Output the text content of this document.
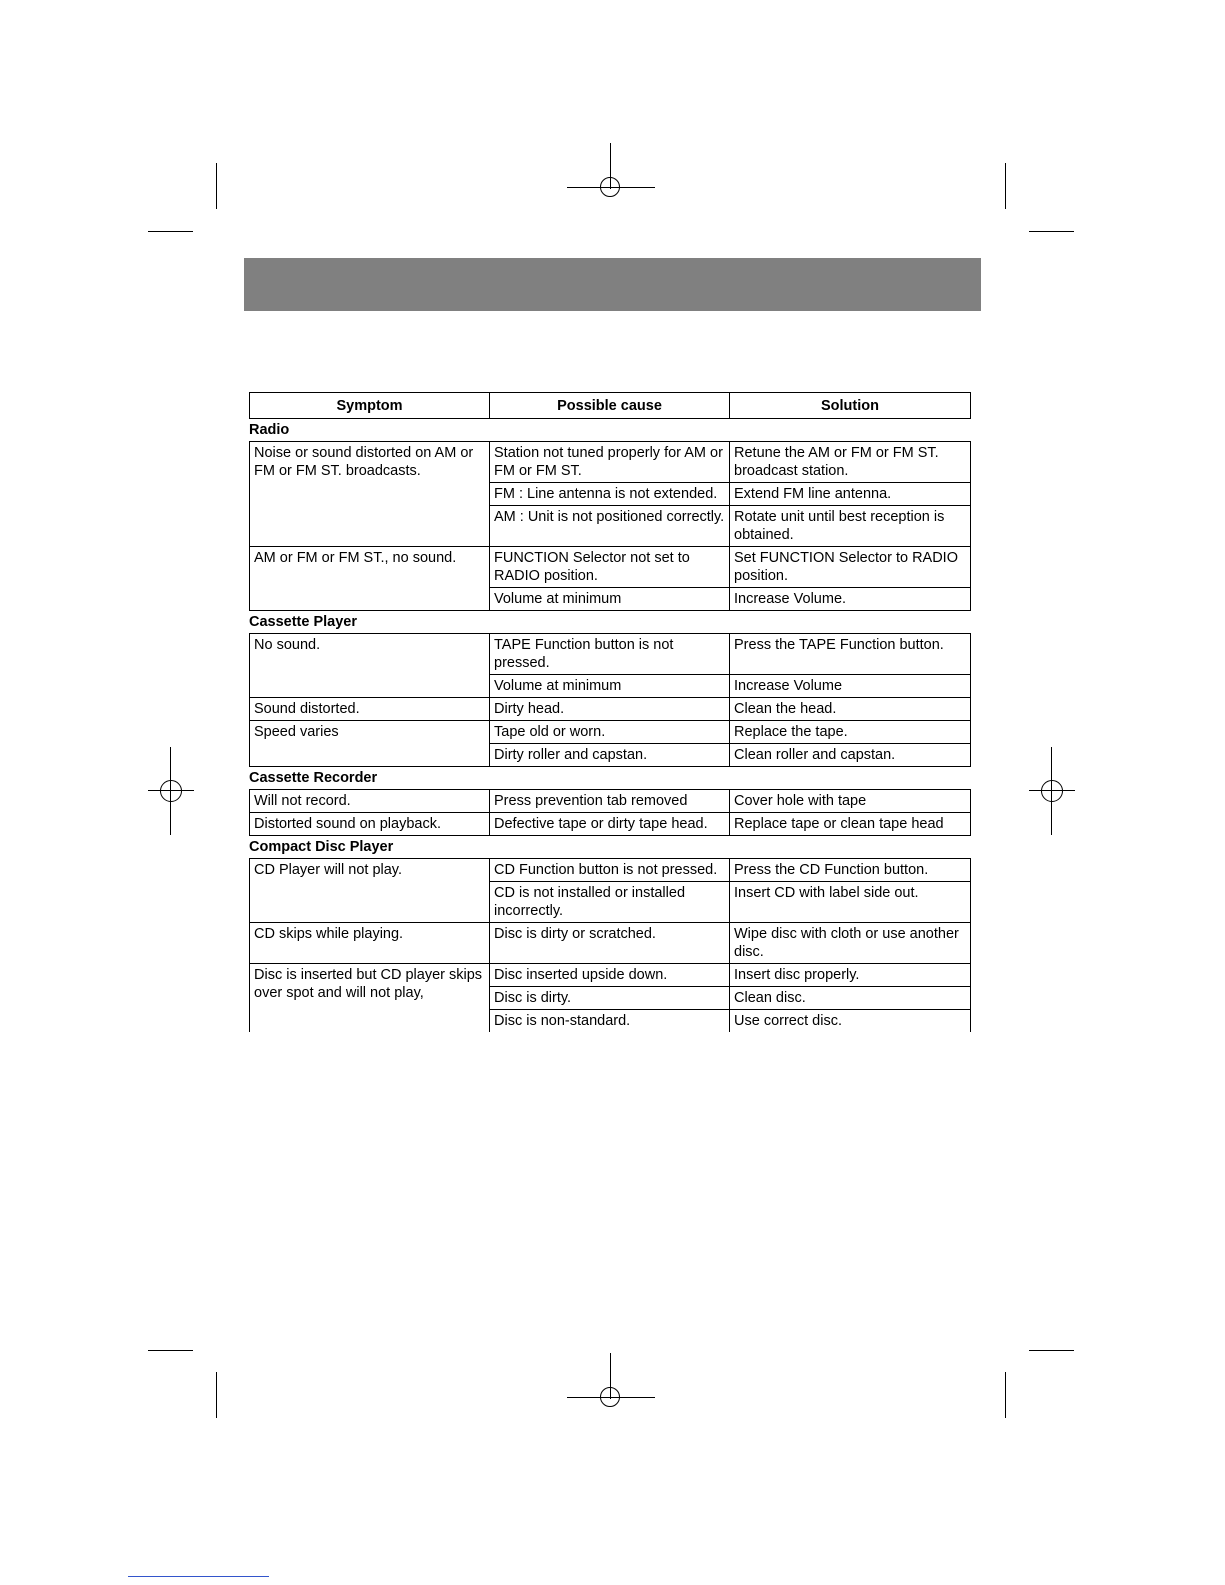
Symptom	Possible cause	Solution
Radio
Noise or sound distorted on AM or FM or FM ST. broadcasts.	Station not tuned properly for AM or FM or FM ST.	Retune the AM or FM or FM ST. broadcast station.
	FM : Line antenna is not extended.	Extend FM line antenna.
	AM : Unit is not positioned correctly.	Rotate unit until best reception is obtained.
AM or FM or FM ST., no sound.	FUNCTION Selector not set to RADIO position.	Set FUNCTION Selector to RADIO position.
	Volume at minimum	Increase Volume.
Cassette Player
No sound.	TAPE Function button is not pressed.	Press the TAPE Function button.
	Volume at minimum	Increase Volume
Sound distorted.	Dirty head.	Clean the head.
Speed varies	Tape old or worn.	Replace the tape.
	Dirty roller and capstan.	Clean roller and capstan.
Cassette Recorder
Will not record.	Press prevention tab removed	Cover hole with tape
Distorted sound on playback.	Defective tape or dirty tape head.	Replace tape or clean tape head
Compact Disc Player
CD Player will not play.	CD Function button is not pressed.	Press the CD Function button.
	CD is not installed or installed incorrectly.	Insert CD with label side out.
CD skips while playing.	Disc is dirty or scratched.	Wipe disc with cloth or use another disc.
Disc is inserted but CD player skips over spot and will not play,	Disc inserted upside down.	Insert disc properly.
	Disc is dirty.	Clean disc.
	Disc is non-standard.	Use correct disc.
